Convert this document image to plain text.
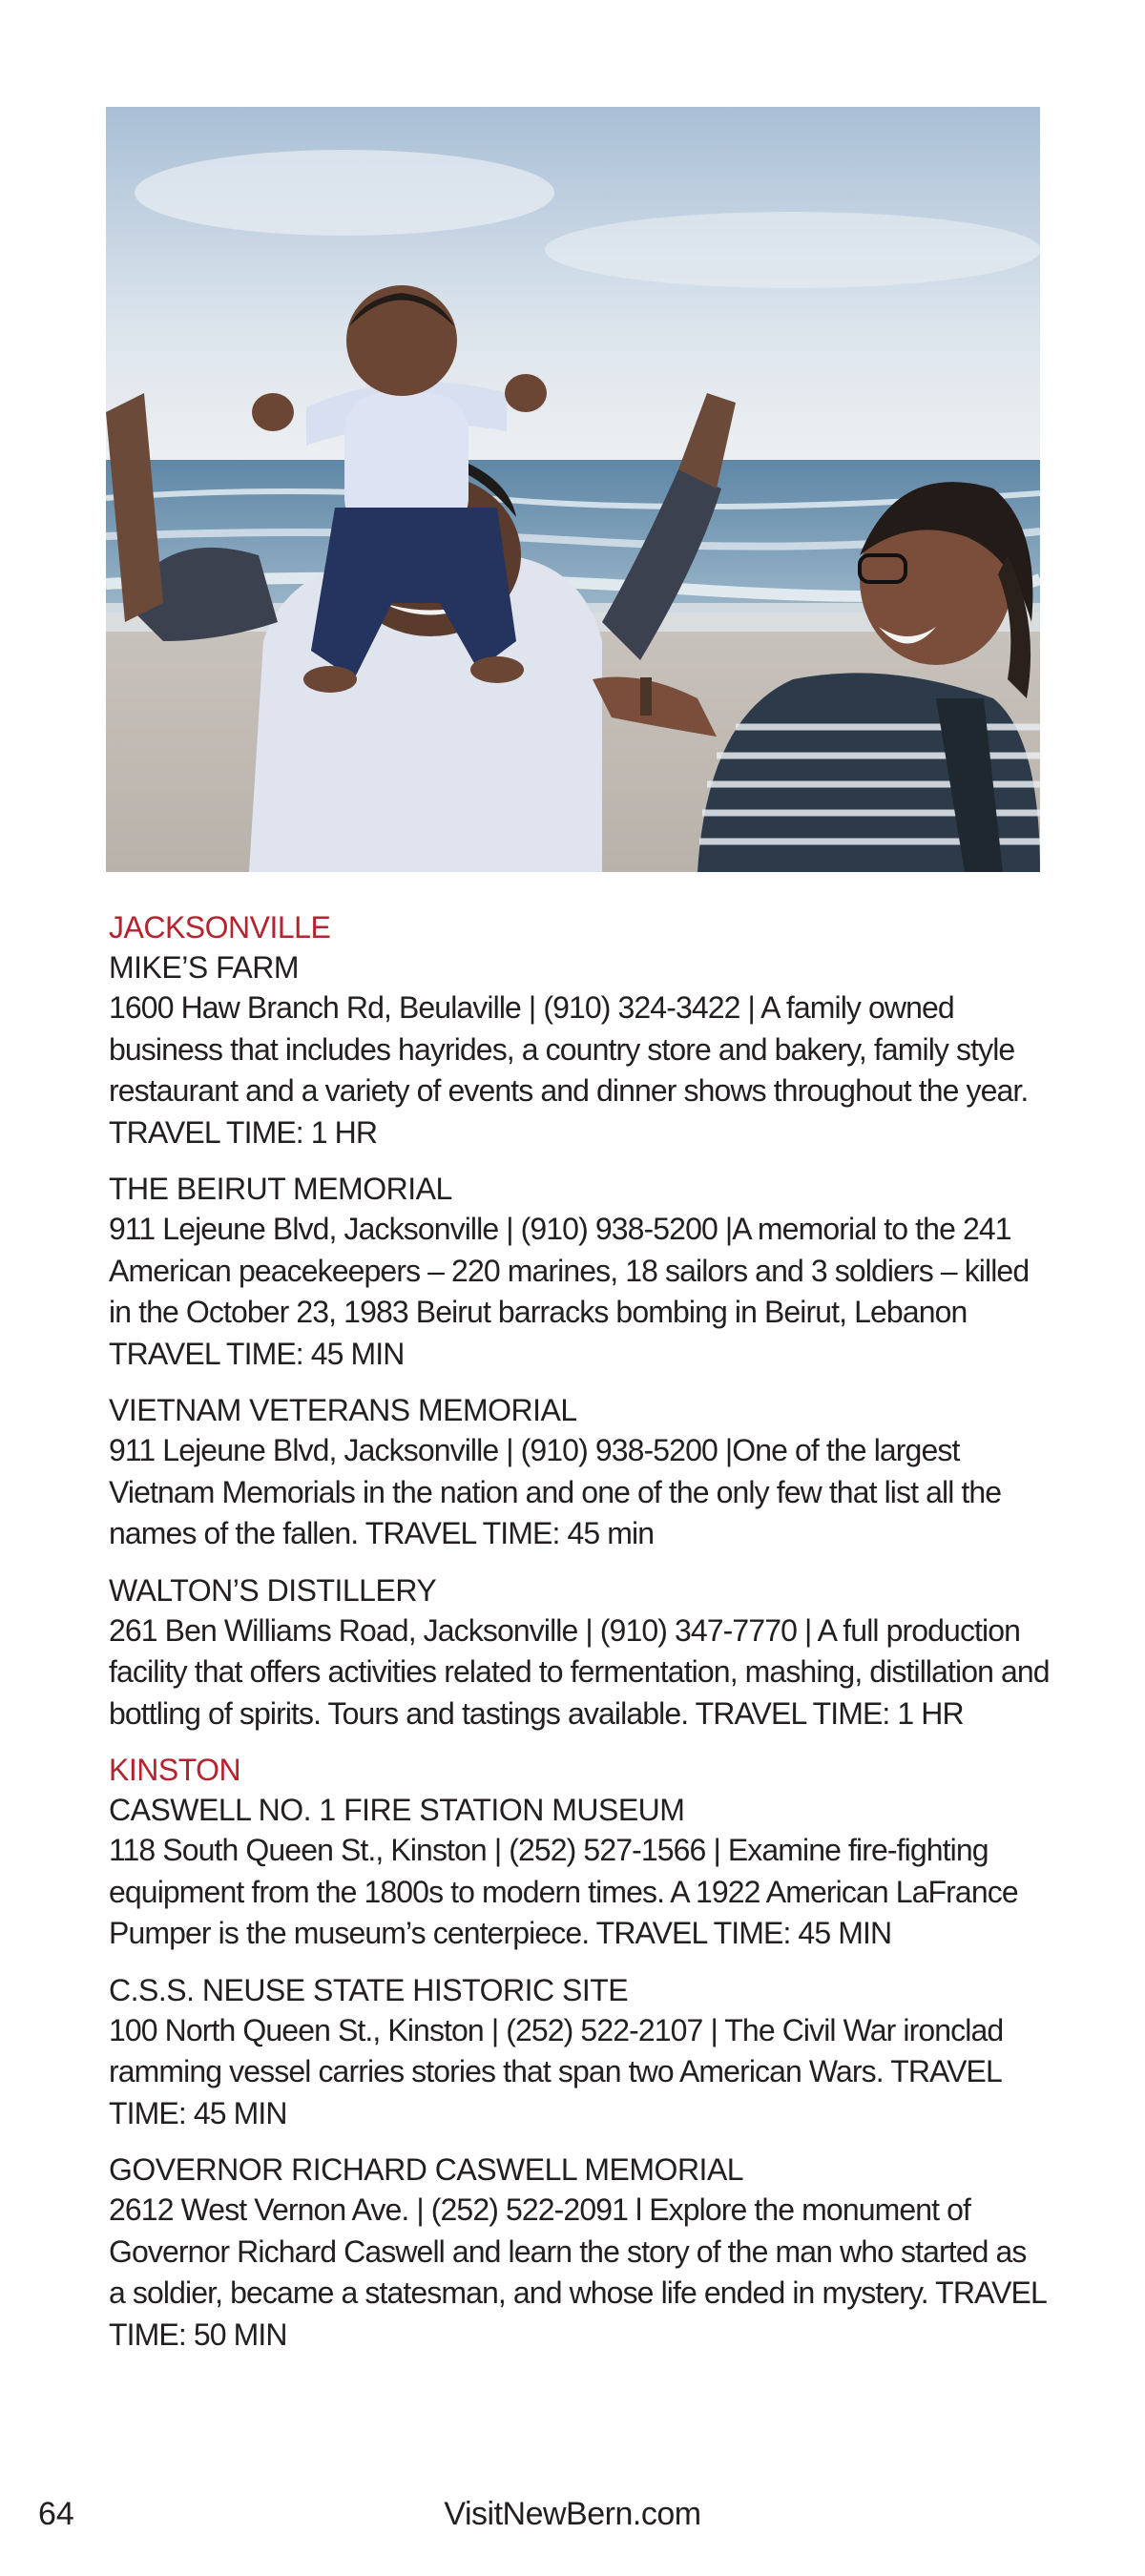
JACKSONVILLE
MIKE’S FARM
1600 Haw Branch Rd, Beulaville | (910) 324-3422 | A family owned business that includes hayrides, a country store and bakery, family style restaurant and a variety of events and dinner shows throughout the year. TRAVEL TIME: 1 HR
THE BEIRUT MEMORIAL
911 Lejeune Blvd, Jacksonville | (910) 938-5200 |A memorial to the 241 American peacekeepers – 220 marines, 18 sailors and 3 soldiers – killed in the October 23, 1983 Beirut barracks bombing in Beirut, Lebanon TRAVEL TIME: 45 MIN
VIETNAM VETERANS MEMORIAL
911 Lejeune Blvd, Jacksonville | (910) 938-5200 |One of the largest Vietnam Memorials in the nation and one of the only few that list all the names of the fallen. TRAVEL TIME: 45 min
WALTON’S DISTILLERY
261 Ben Williams Road, Jacksonville | (910) 347-7770 | A full production facility that offers activities related to fermentation, mashing, distillation and bottling of spirits. Tours and tastings available. TRAVEL TIME: 1 HR
KINSTON
CASWELL NO. 1 FIRE STATION MUSEUM
118 South Queen St., Kinston | (252) 527-1566 | Examine fire-fighting equipment from the 1800s to modern times. A 1922 American LaFrance Pumper is the museum’s centerpiece. TRAVEL TIME: 45 MIN
C.S.S. NEUSE STATE HISTORIC SITE
100 North Queen St., Kinston | (252) 522-2107 | The Civil War ironclad ramming vessel carries stories that span two American Wars. TRAVEL TIME: 45 MIN
GOVERNOR RICHARD CASWELL MEMORIAL
2612 West Vernon Ave. | (252) 522-2091 l Explore the monument of Governor Richard Caswell and learn the story of the man who started as a soldier, became a statesman, and whose life ended in mystery. TRAVEL TIME: 50 MIN
64	VisitNewBern.com
